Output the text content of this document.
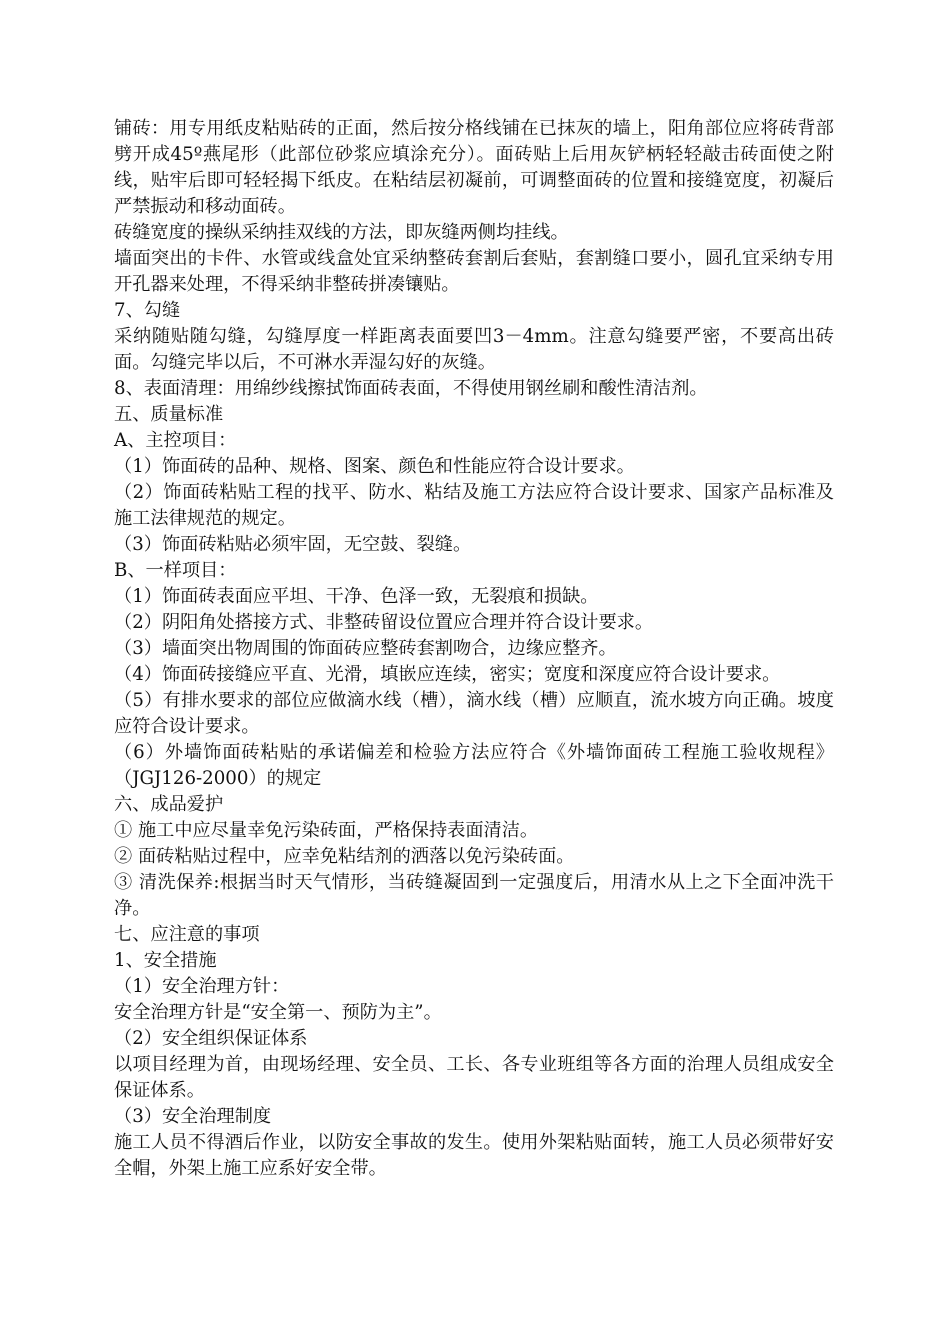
铺砖：用专用纸皮粘贴砖的正面，然后按分格线铺在已抹灰的墙上，阳角部位应将砖背部劈开成45º燕尾形（此部位砂浆应填涂充分）。面砖贴上后用灰铲柄轻轻敲击砖面使之附线，贴牢后即可轻轻揭下纸皮。在粘结层初凝前，可调整面砖的位置和接缝宽度，初凝后严禁振动和移动面砖。

砖缝宽度的操纵采纳挂双线的方法，即灰缝两侧均挂线。

墙面突出的卡件、水管或线盒处宜采纳整砖套割后套贴，套割缝口要小，圆孔宜采纳专用开孔器来处理，不得采纳非整砖拼凑镶贴。

7、勾缝

采纳随贴随勾缝，勾缝厚度一样距离表面要凹3－4mm。注意勾缝要严密，不要高出砖面。勾缝完毕以后，不可淋水弄湿勾好的灰缝。

8、表面清理：用绵纱线擦拭饰面砖表面，不得使用钢丝刷和酸性清洁剂。

五、质量标准

A、主控项目：

（1）饰面砖的品种、规格、图案、颜色和性能应符合设计要求。

（2）饰面砖粘贴工程的找平、防水、粘结及施工方法应符合设计要求、国家产品标准及施工法律规范的规定。

（3）饰面砖粘贴必须牢固，无空鼓、裂缝。

B、一样项目：

（1）饰面砖表面应平坦、干净、色泽一致，无裂痕和损缺。

（2）阴阳角处搭接方式、非整砖留设位置应合理并符合设计要求。

（3）墙面突出物周围的饰面砖应整砖套割吻合，边缘应整齐。

（4）饰面砖接缝应平直、光滑，填嵌应连续，密实；宽度和深度应符合设计要求。

（5）有排水要求的部位应做滴水线（槽），滴水线（槽）应顺直，流水坡方向正确。坡度应符合设计要求。

（6）外墙饰面砖粘贴的承诺偏差和检验方法应符合《外墙饰面砖工程施工验收规程》（JGJ126-2000）的规定

六、成品爱护

① 施工中应尽量幸免污染砖面，严格保持表面清洁。

② 面砖粘贴过程中，应幸免粘结剂的洒落以免污染砖面。

③ 清洗保养:根据当时天气情形，当砖缝凝固到一定强度后，用清水从上之下全面冲洗干净。

七、应注意的事项

1、安全措施

（1）安全治理方针：

安全治理方针是“安全第一、预防为主”。

（2）安全组织保证体系

以项目经理为首，由现场经理、安全员、工长、各专业班组等各方面的治理人员组成安全保证体系。

（3）安全治理制度

施工人员不得酒后作业，以防安全事故的发生。使用外架粘贴面转，施工人员必须带好安全帽，外架上施工应系好安全带。
